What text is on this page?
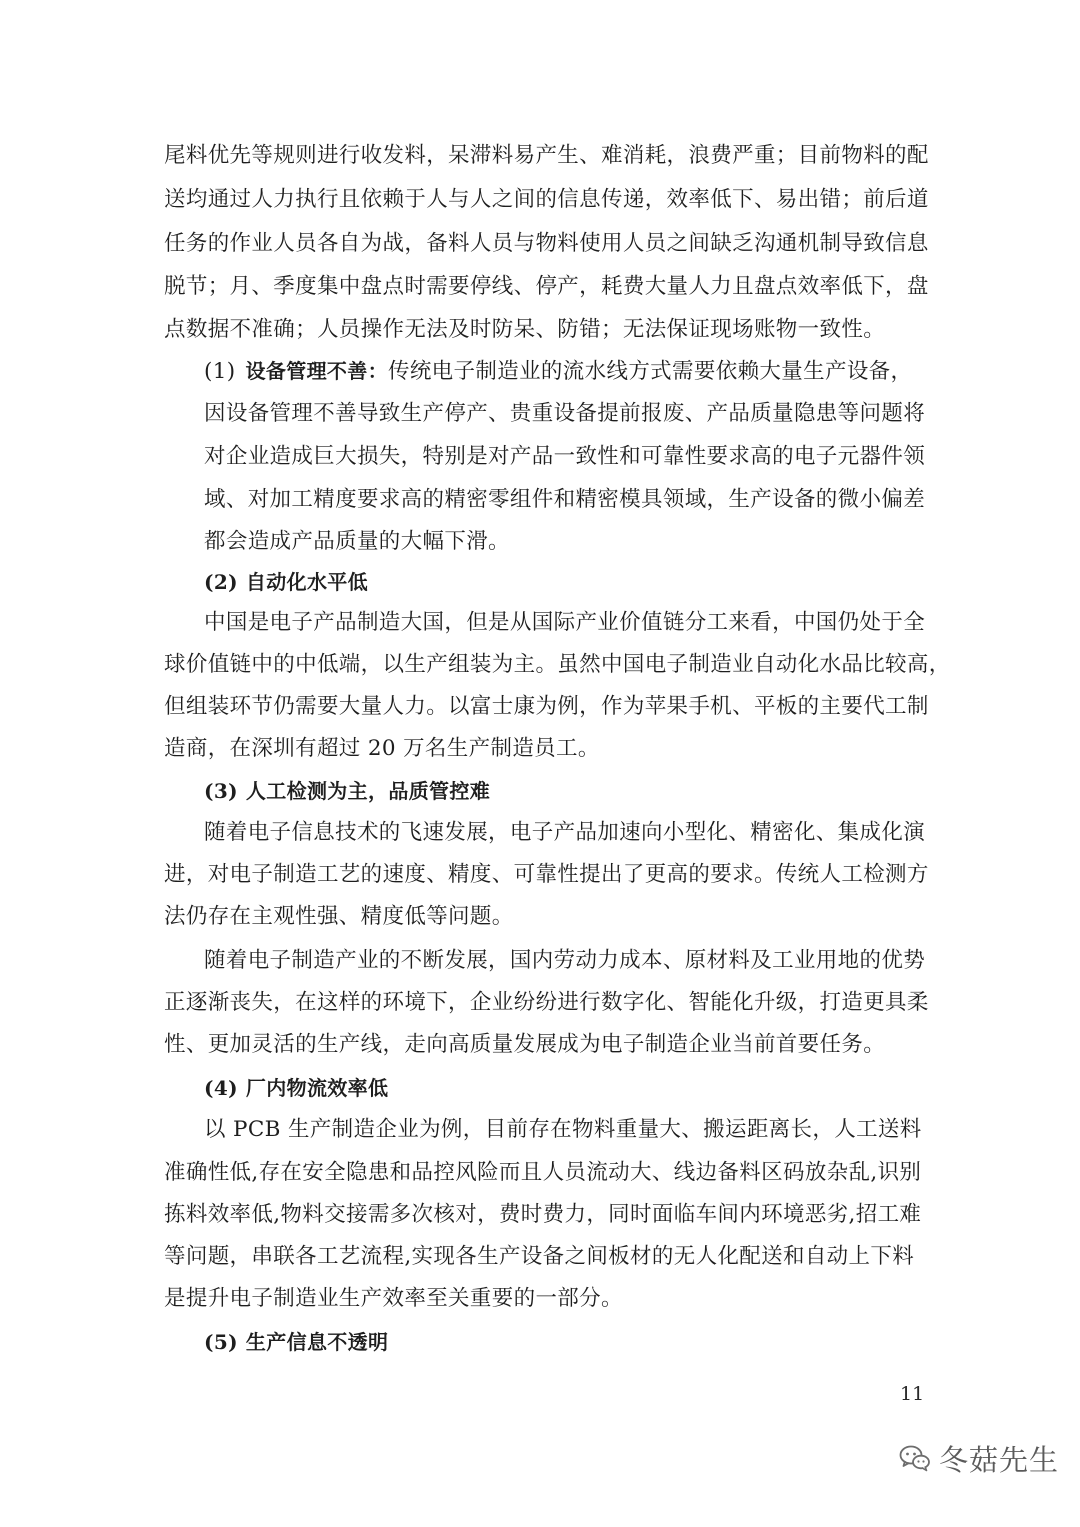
尾料优先等规则进行收发料，呆滞料易产生、难消耗，浪费严重；目前物料的配
送均通过人力执行且依赖于人与人之间的信息传递，效率低下、易出错；前后道
任务的作业人员各自为战，备料人员与物料使用人员之间缺乏沟通机制导致信息
脱节；月、季度集中盘点时需要停线、停产，耗费大量人力且盘点效率低下，盘
点数据不准确；人员操作无法及时防呆、防错；无法保证现场账物一致性。
(1) 设备管理不善：传统电子制造业的流水线方式需要依赖大量生产设备，
因设备管理不善导致生产停产、贵重设备提前报废、产品质量隐患等问题将
对企业造成巨大损失，特别是对产品一致性和可靠性要求高的电子元器件领
域、对加工精度要求高的精密零组件和精密模具领域，生产设备的微小偏差
都会造成产品质量的大幅下滑。
(2) 自动化水平低
中国是电子产品制造大国，但是从国际产业价值链分工来看，中国仍处于全
球价值链中的中低端，以生产组装为主。虽然中国电子制造业自动化水品比较高，
但组装环节仍需要大量人力。以富士康为例，作为苹果手机、平板的主要代工制
造商，在深圳有超过 20 万名生产制造员工。
(3) 人工检测为主，品质管控难
随着电子信息技术的飞速发展，电子产品加速向小型化、精密化、集成化演
进，对电子制造工艺的速度、精度、可靠性提出了更高的要求。传统人工检测方
法仍存在主观性强、精度低等问题。
随着电子制造产业的不断发展，国内劳动力成本、原材料及工业用地的优势
正逐渐丧失，在这样的环境下，企业纷纷进行数字化、智能化升级，打造更具柔
性、更加灵活的生产线，走向高质量发展成为电子制造企业当前首要任务。
(4) 厂内物流效率低
以 PCB 生产制造企业为例，目前存在物料重量大、搬运距离长，人工送料
准确性低,存在安全隐患和品控风险而且人员流动大、线边备料区码放杂乱,识别
拣料效率低,物料交接需多次核对，费时费力，同时面临车间内环境恶劣,招工难
等问题，串联各工艺流程,实现各生产设备之间板材的无人化配送和自动上下料
是提升电子制造业生产效率至关重要的一部分。
(5) 生产信息不透明
11
冬菇先生
